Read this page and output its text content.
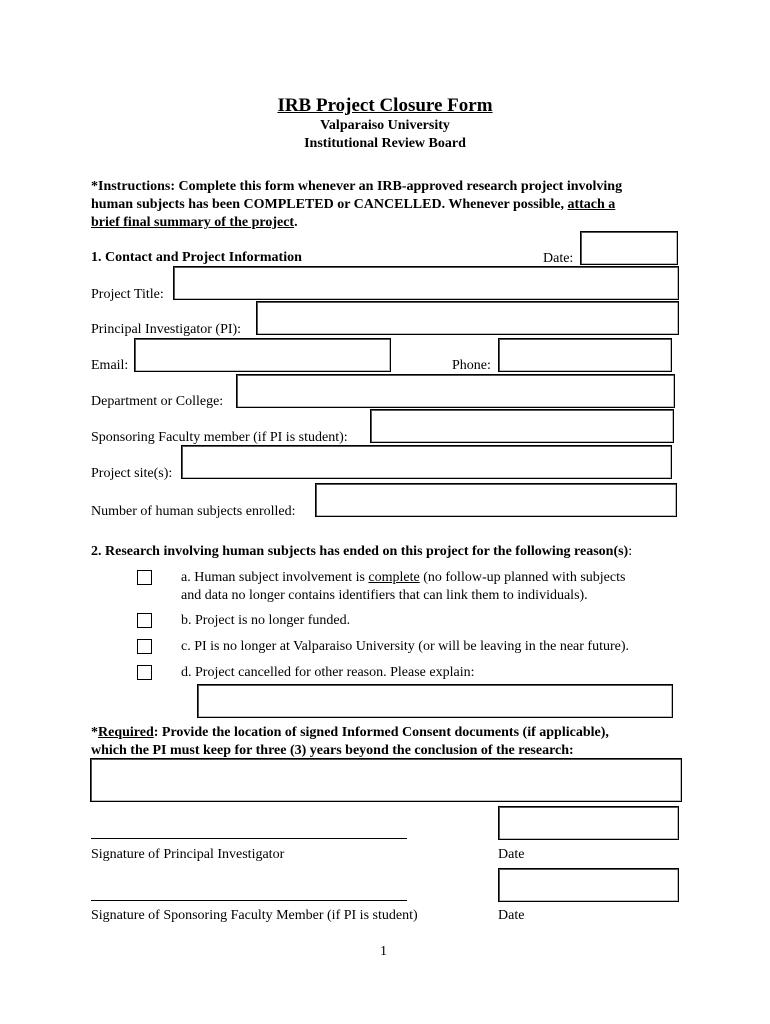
IRB Project Closure Form
Valparaiso University
Institutional Review Board
*Instructions: Complete this form whenever an IRB-approved research project involving
human subjects has been COMPLETED or CANCELLED. Whenever possible, attach a
brief final summary of the project.
1. Contact and Project Information	Date:
Project Title:
Principal Investigator (PI):
Email:	Phone:
Department or College:
Sponsoring Faculty member (if PI is student):
Project site(s):
Number of human subjects enrolled:
2. Research involving human subjects has ended on this project for the following reason(s):
a. Human subject involvement is complete (no follow-up planned with subjects
and data no longer contains identifiers that can link them to individuals).
b. Project is no longer funded.
c. PI is no longer at Valparaiso University (or will be leaving in the near future).
d. Project cancelled for other reason. Please explain:
*Required: Provide the location of signed Informed Consent documents (if applicable),
which the PI must keep for three (3) years beyond the conclusion of the research:
Signature of Principal Investigator	Date
Signature of Sponsoring Faculty Member (if PI is student)	Date
1
